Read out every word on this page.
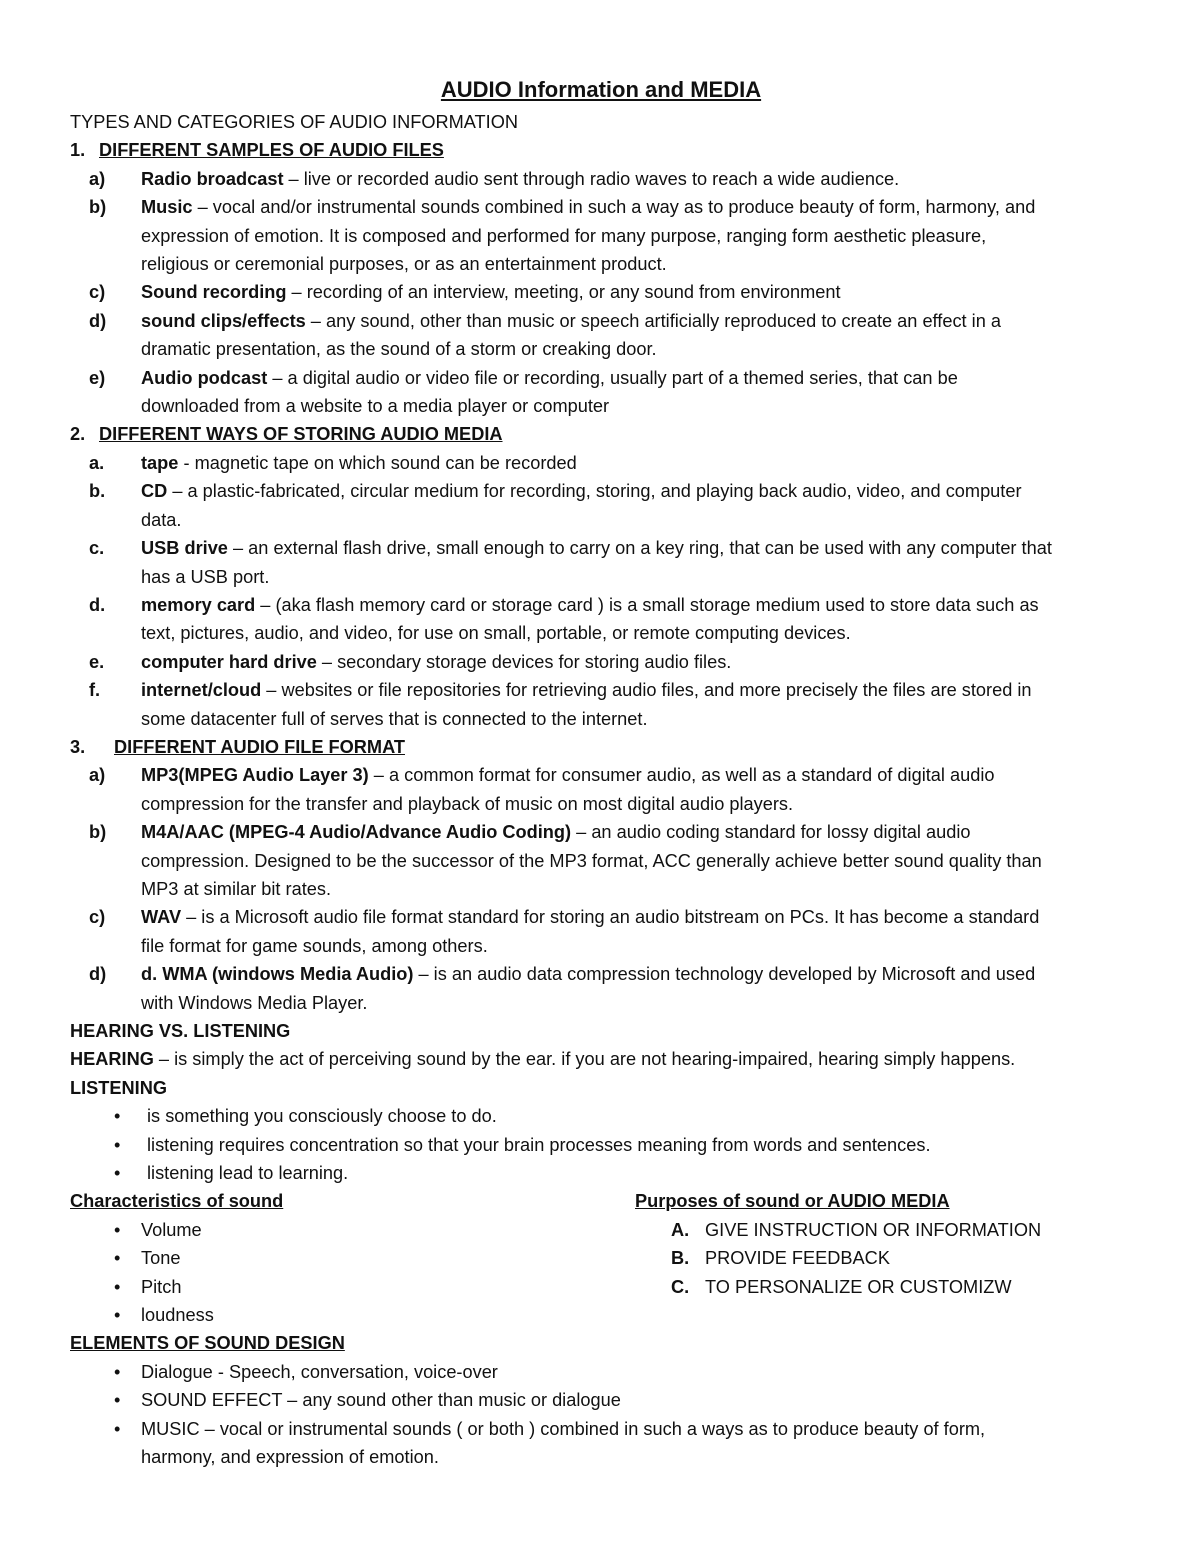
AUDIO Information and MEDIA
TYPES AND CATEGORIES OF AUDIO INFORMATION
1. DIFFERENT SAMPLES OF AUDIO FILES
a) Radio broadcast – live or recorded audio sent through radio waves to reach a wide audience.
b) Music – vocal and/or instrumental sounds combined in such a way as to produce beauty of form, harmony, and
expression of emotion. It is composed and performed for many purpose, ranging form aesthetic pleasure,
religious or ceremonial purposes, or as an entertainment product.
c) Sound recording – recording of an interview, meeting, or any sound from environment
d) sound clips/effects – any sound, other than music or speech artificially reproduced to create an effect in a
dramatic presentation, as the sound of a storm or creaking door.
e) Audio podcast – a digital audio or video file or recording, usually part of a themed series, that can be
downloaded from a website to a media player or computer
2. DIFFERENT WAYS OF STORING AUDIO MEDIA
a. tape - magnetic tape on which sound can be recorded
b. CD – a plastic-fabricated, circular medium for recording, storing, and playing back audio, video, and computer
data.
c. USB drive – an external flash drive, small enough to carry on a key ring, that can be used with any computer that
has a USB port.
d. memory card – (aka flash memory card or storage card ) is a small storage medium used to store data such as
text, pictures, audio, and video, for use on small, portable, or remote computing devices.
e. computer hard drive – secondary storage devices for storing audio files.
f. internet/cloud – websites or file repositories for retrieving audio files, and more precisely the files are stored in
some datacenter full of serves that is connected to the internet.
3. DIFFERENT AUDIO FILE FORMAT
a) MP3(MPEG Audio Layer 3) – a common format for consumer audio, as well as a standard of digital audio
compression for the transfer and playback of music on most digital audio players.
b) M4A/AAC (MPEG-4 Audio/Advance Audio Coding) – an audio coding standard for lossy digital audio
compression. Designed to be the successor of the MP3 format, ACC generally achieve better sound quality than
MP3 at similar bit rates.
c) WAV – is a Microsoft audio file format standard for storing an audio bitstream on PCs. It has become a standard
file format for game sounds, among others.
d) d. WMA (windows Media Audio) – is an audio data compression technology developed by Microsoft and used
with Windows Media Player.
HEARING VS. LISTENING
HEARING – is simply the act of perceiving sound by the ear. if you are not hearing-impaired, hearing simply happens.
LISTENING
• is something you consciously choose to do.
• listening requires concentration so that your brain processes meaning from words and sentences.
• listening lead to learning.
Characteristics of sound
• Volume
• Tone
• Pitch
• loudness
Purposes of sound or AUDIO MEDIA
A. GIVE INSTRUCTION OR INFORMATION
B. PROVIDE FEEDBACK
C. TO PERSONALIZE OR CUSTOMIZW
ELEMENTS OF SOUND DESIGN
• Dialogue - Speech, conversation, voice-over
• SOUND EFFECT – any sound other than music or dialogue
• MUSIC – vocal or instrumental sounds ( or both ) combined in such a ways as to produce beauty of form,
harmony, and expression of emotion.
